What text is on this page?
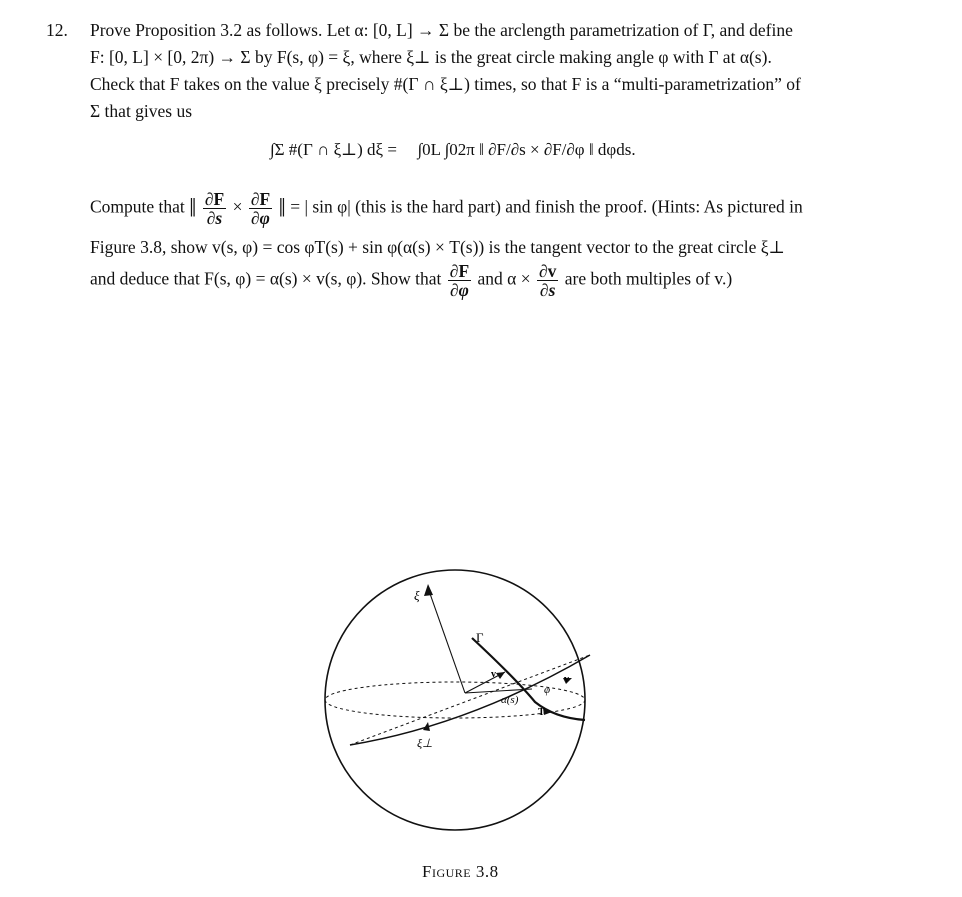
12. Prove Proposition 3.2 as follows. Let α: [0, L] → Σ be the arclength parametrization of Γ, and define
F: [0, L] × [0, 2π) → Σ by F(s, φ) = ξ, where ξ⊥ is the great circle making angle φ with Γ at α(s).
Check that F takes on the value ξ precisely #(Γ ∩ ξ⊥) times, so that F is a “multi-parametrization” of
Σ that gives us
∫Σ #(Γ ∩ ξ⊥) dξ = ∫0L ∫02π ‖ ∂F/∂s × ∂F/∂φ ‖ dφds.
Compute that ‖ $\frac{\partial F}{\partial s} \times \frac{\partial F}{\partial\varphi}$ ‖ = | sin φ| (this is the hard part) and finish the proof. (Hints: As pictured in
Figure 3.8, show v(s, φ) = cos φT(s) + sin φ(α(s) × T(s)) is the tangent vector to the great circle ξ⊥
and deduce that F(s, φ) = α(s) × v(s, φ). Show that $\frac{\partial F}{\partial\varphi}$ and $\alpha \times \frac{\partial v}{\partial s}$ are both multiples of v.)
ξ
Γ
v
α(s)
φ
v
T
ξ⊥
Figure 3.8
